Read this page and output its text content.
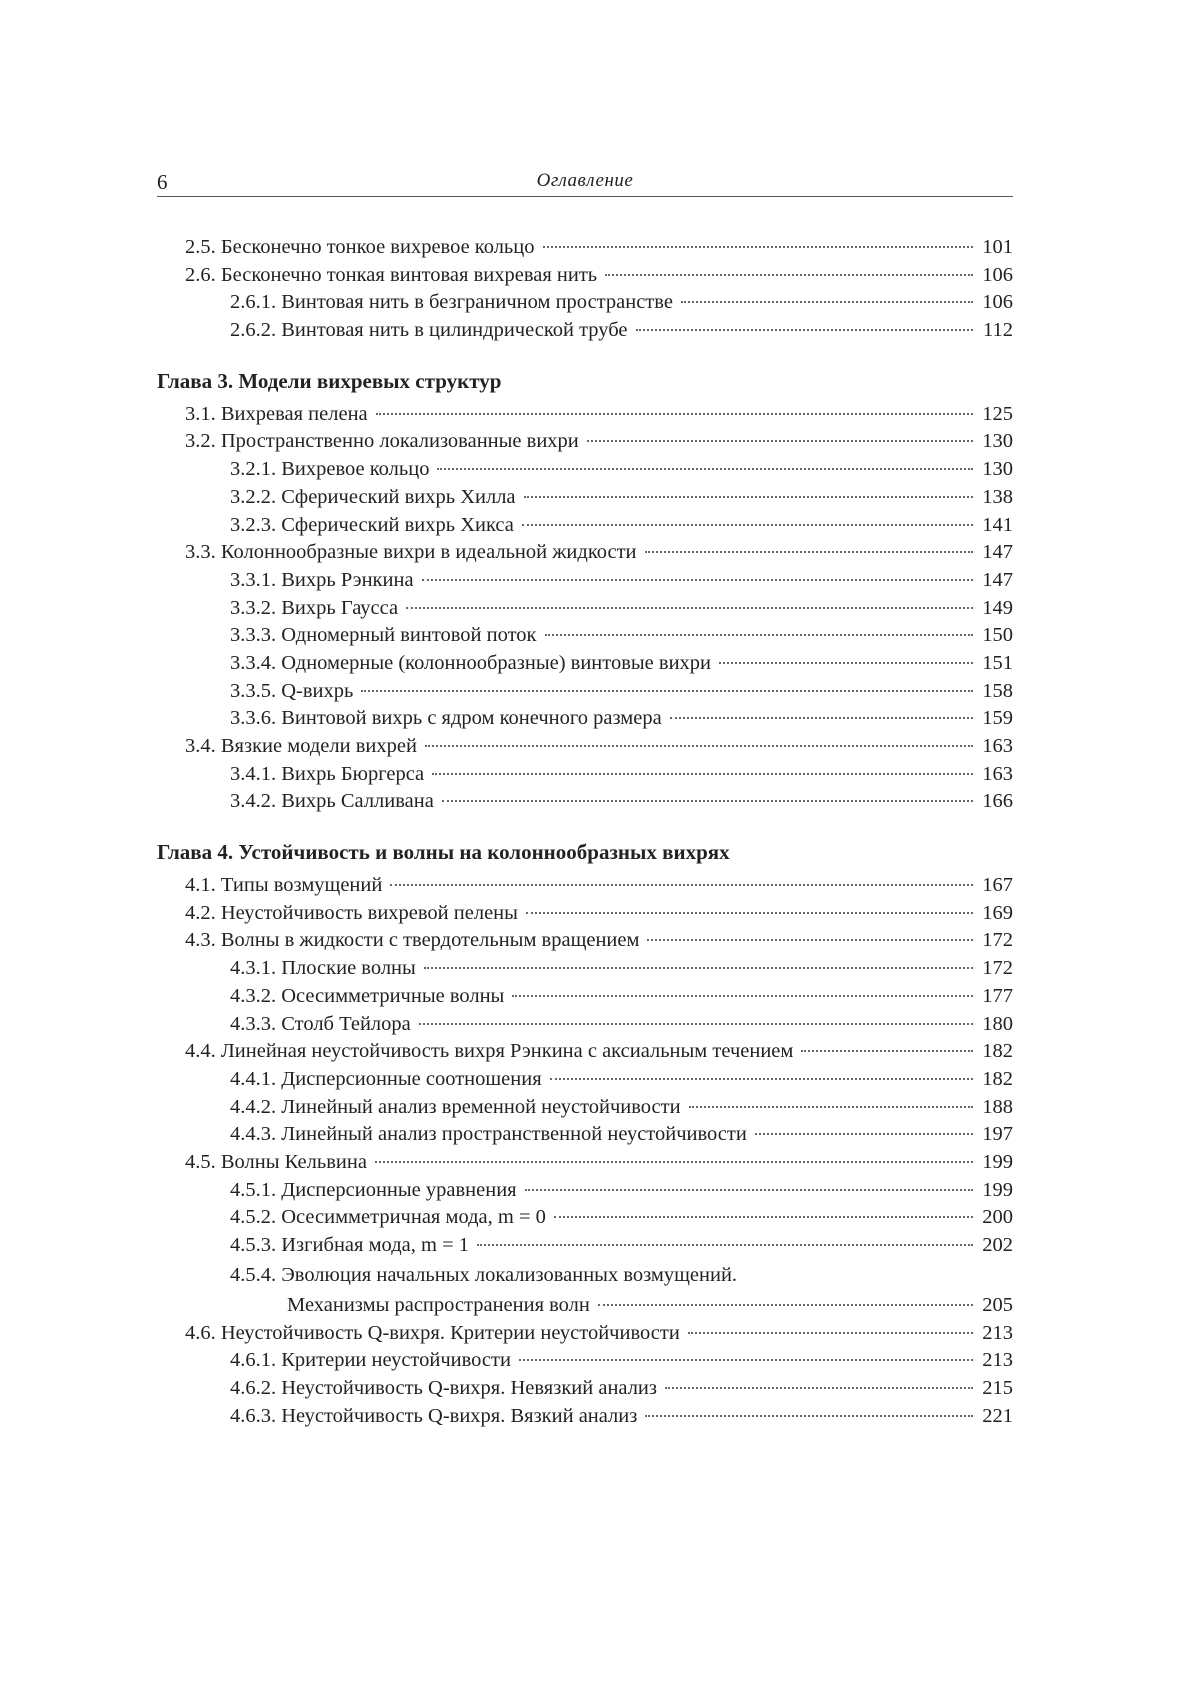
6	Оглавление
2.5. Бесконечно тонкое вихревое кольцо	101
2.6. Бесконечно тонкая винтовая вихревая нить	106
2.6.1. Винтовая нить в безграничном пространстве	106
2.6.2. Винтовая нить в цилиндрической трубе	112
Глава 3. Модели вихревых структур
3.1. Вихревая пелена	125
3.2. Пространственно локализованные вихри	130
3.2.1. Вихревое кольцо	130
3.2.2. Сферический вихрь Хилла	138
3.2.3. Сферический вихрь Хикса	141
3.3. Колоннообразные вихри в идеальной жидкости	147
3.3.1. Вихрь Рэнкина	147
3.3.2. Вихрь Гаусса	149
3.3.3. Одномерный винтовой поток	150
3.3.4. Одномерные (колоннообразные) винтовые вихри	151
3.3.5. Q-вихрь	158
3.3.6. Винтовой вихрь с ядром конечного размера	159
3.4. Вязкие модели вихрей	163
3.4.1. Вихрь Бюргерса	163
3.4.2. Вихрь Салливана	166
Глава 4. Устойчивость и волны на колоннообразных вихрях
4.1. Типы возмущений	167
4.2. Неустойчивость вихревой пелены	169
4.3. Волны в жидкости с твердотельным вращением	172
4.3.1. Плоские волны	172
4.3.2. Осесимметричные волны	177
4.3.3. Столб Тейлора	180
4.4. Линейная неустойчивость вихря Рэнкина с аксиальным течением	182
4.4.1. Дисперсионные соотношения	182
4.4.2. Линейный анализ временной неустойчивости	188
4.4.3. Линейный анализ пространственной неустойчивости	197
4.5. Волны Кельвина	199
4.5.1. Дисперсионные уравнения	199
4.5.2. Осесимметричная мода, m = 0	200
4.5.3. Изгибная мода, m = 1	202
4.5.4. Эволюция начальных локализованных возмущений.
Механизмы распространения волн	205
4.6. Неустойчивость Q-вихря. Критерии неустойчивости	213
4.6.1. Критерии неустойчивости	213
4.6.2. Неустойчивость Q-вихря. Невязкий анализ	215
4.6.3. Неустойчивость Q-вихря. Вязкий анализ	221
